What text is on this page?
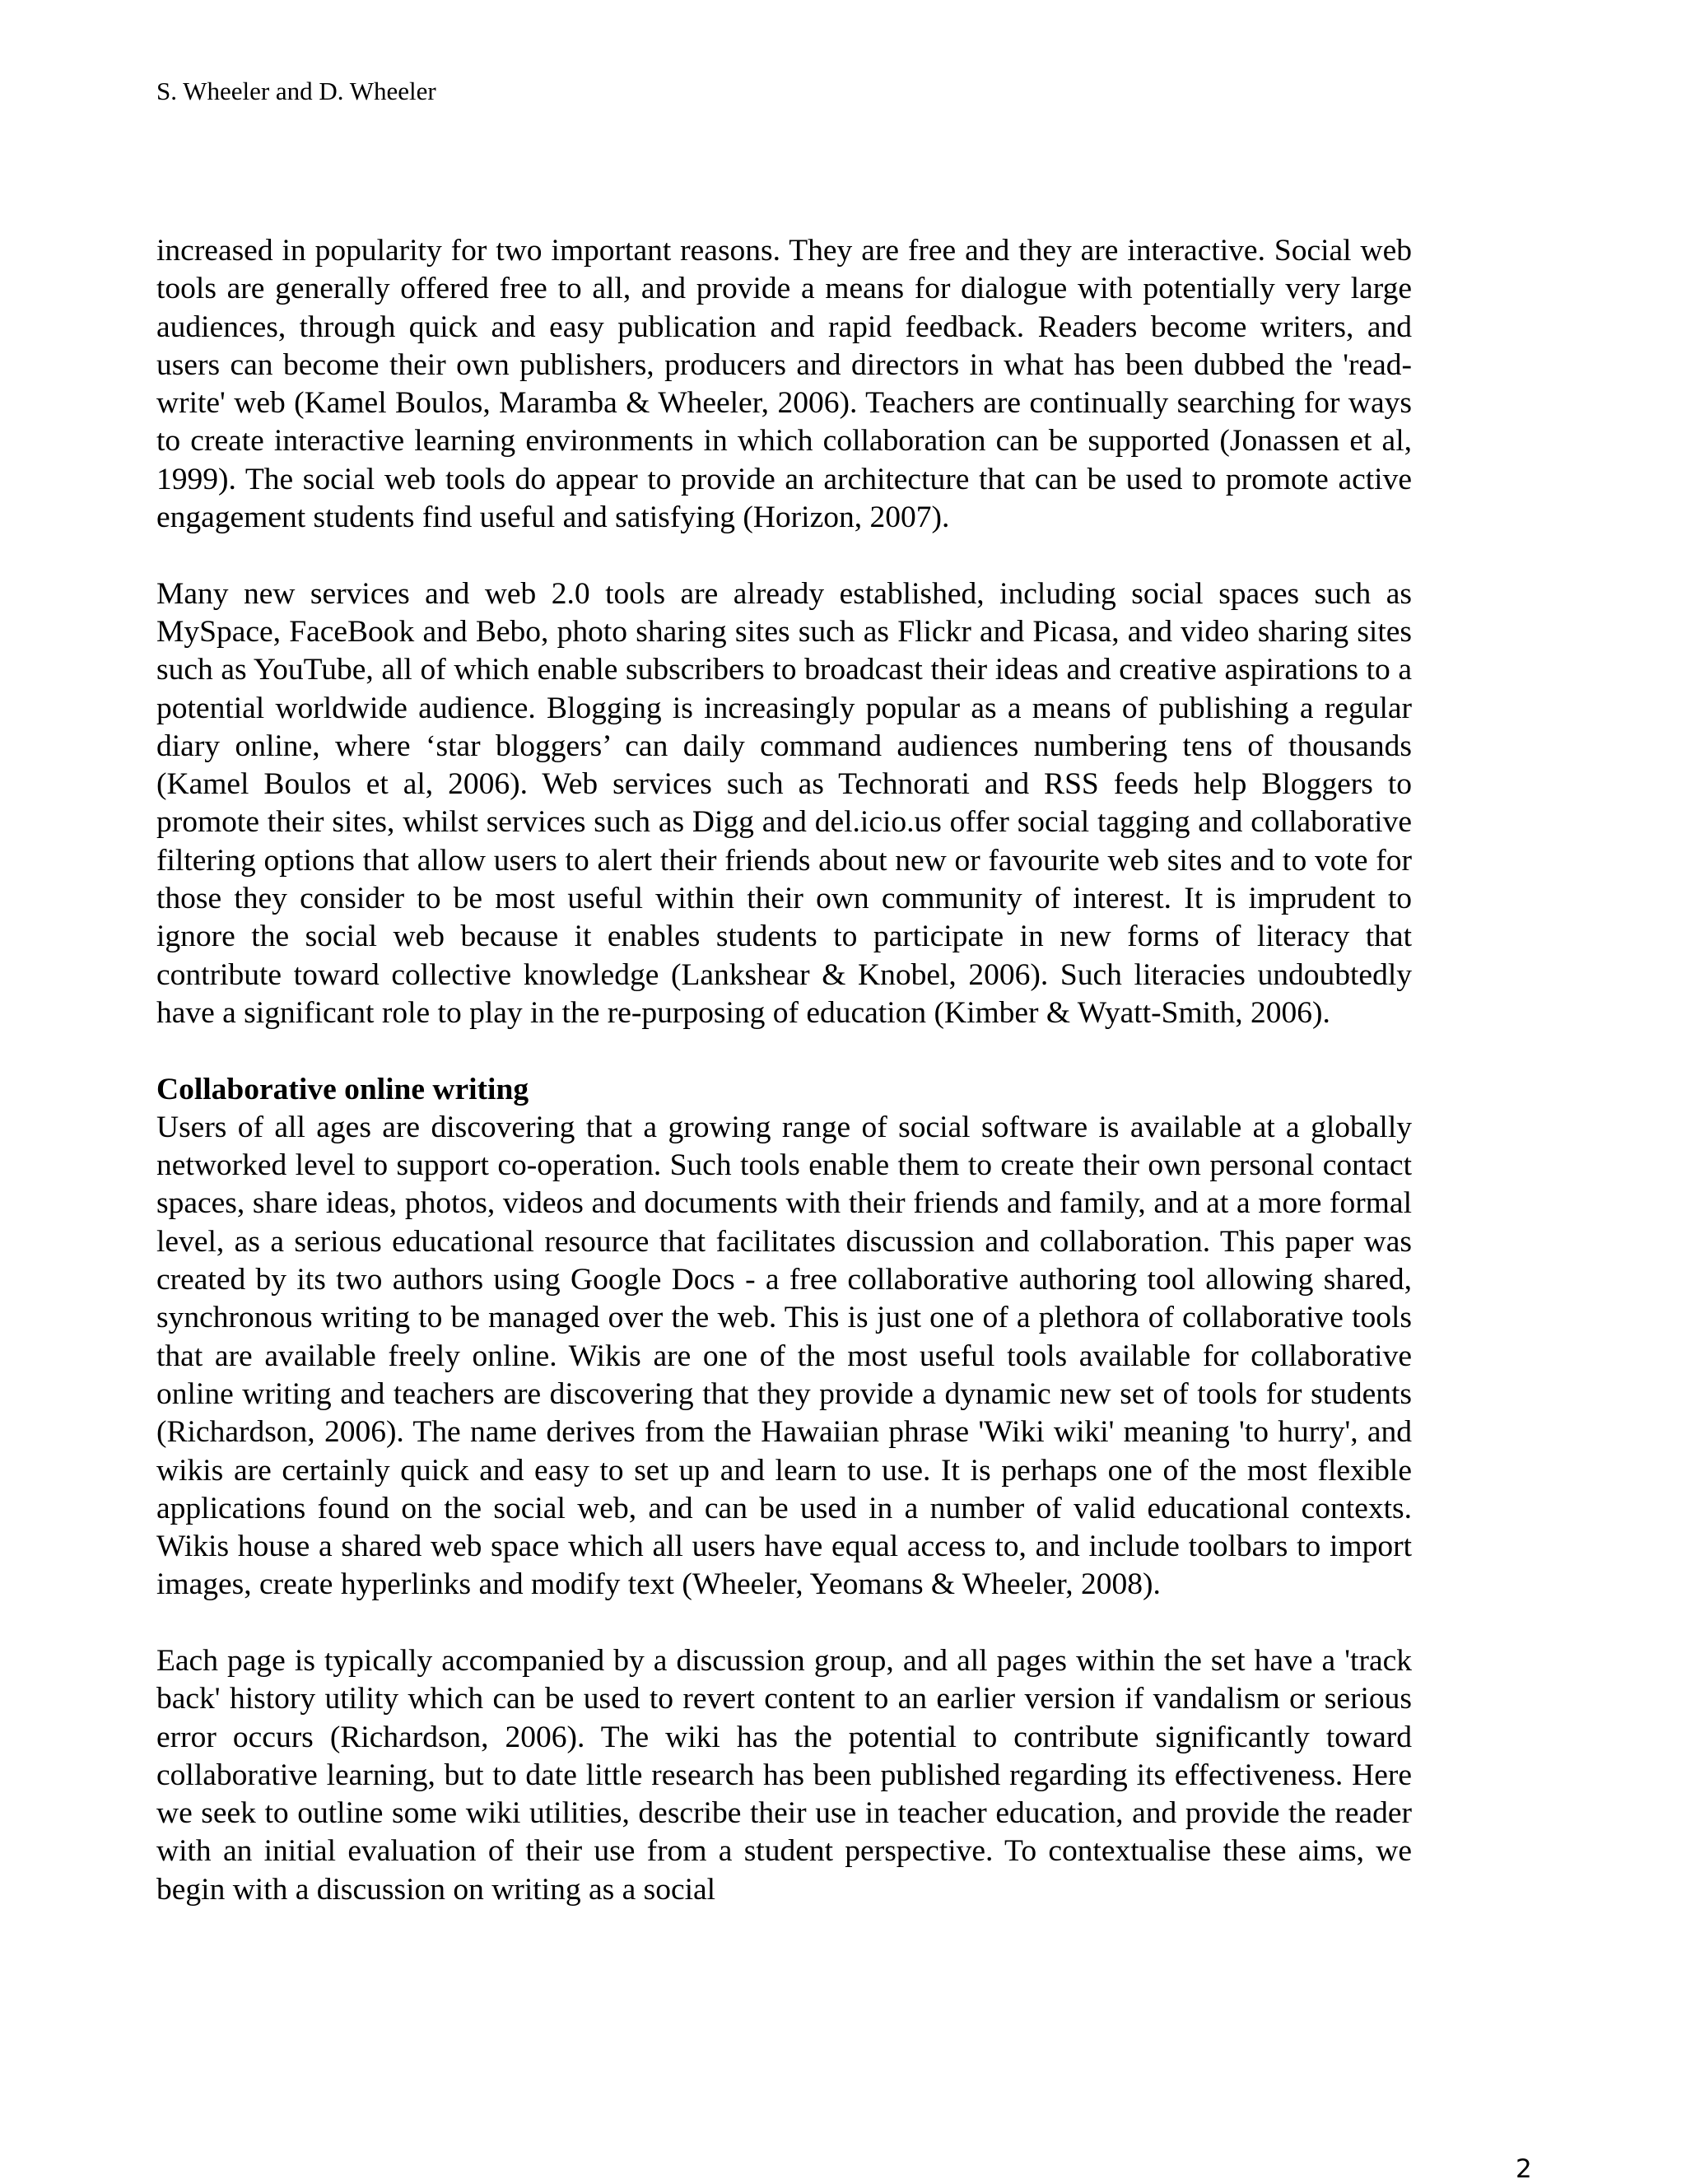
S. Wheeler and D. Wheeler

increased in popularity for two important reasons. They are free and they are interactive. Social web tools are generally offered free to all, and provide a means for dialogue with potentially very large audiences, through quick and easy publication and rapid feedback. Readers become writers, and users can become their own publishers, producers and directors in what has been dubbed the 'read-write' web (Kamel Boulos, Maramba & Wheeler, 2006). Teachers are continually searching for ways to create interactive learning environments in which collaboration can be supported (Jonassen et al, 1999). The social web tools do appear to provide an architecture that can be used to promote active engagement students find useful and satisfying (Horizon, 2007).

Many new services and web 2.0 tools are already established, including social spaces such as MySpace, FaceBook and Bebo, photo sharing sites such as Flickr and Picasa, and video sharing sites such as YouTube, all of which enable subscribers to broadcast their ideas and creative aspirations to a potential worldwide audience. Blogging is increasingly popular as a means of publishing a regular diary online, where ‘star bloggers’ can daily command audiences numbering tens of thousands (Kamel Boulos et al, 2006). Web services such as Technorati and RSS feeds help Bloggers to promote their sites, whilst services such as Digg and del.icio.us offer social tagging and collaborative filtering options that allow users to alert their friends about new or favourite web sites and to vote for those they consider to be most useful within their own community of interest. It is imprudent to ignore the social web because it enables students to participate in new forms of literacy that contribute toward collective knowledge (Lankshear & Knobel, 2006). Such literacies undoubtedly have a significant role to play in the re-purposing of education (Kimber & Wyatt-Smith, 2006).

Collaborative online writing

Users of all ages are discovering that a growing range of social software is available at a globally networked level to support co-operation. Such tools enable them to create their own personal contact spaces, share ideas, photos, videos and documents with their friends and family, and at a more formal level, as a serious educational resource that facilitates discussion and collaboration. This paper was created by its two authors using Google Docs - a free collaborative authoring tool allowing shared, synchronous writing to be managed over the web. This is just one of a plethora of collaborative tools that are available freely online. Wikis are one of the most useful tools available for collaborative online writing and teachers are discovering that they provide a dynamic new set of tools for students (Richardson, 2006). The name derives from the Hawaiian phrase 'Wiki wiki' meaning 'to hurry', and wikis are certainly quick and easy to set up and learn to use. It is perhaps one of the most flexible applications found on the social web, and can be used in a number of valid educational contexts. Wikis house a shared web space which all users have equal access to, and include toolbars to import images, create hyperlinks and modify text (Wheeler, Yeomans & Wheeler, 2008).

Each page is typically accompanied by a discussion group, and all pages within the set have a 'track back' history utility which can be used to revert content to an earlier version if vandalism or serious error occurs (Richardson, 2006). The wiki has the potential to contribute significantly toward collaborative learning, but to date little research has been published regarding its effectiveness. Here we seek to outline some wiki utilities, describe their use in teacher education, and provide the reader with an initial evaluation of their use from a student perspective. To contextualise these aims, we begin with a discussion on writing as a social

2
